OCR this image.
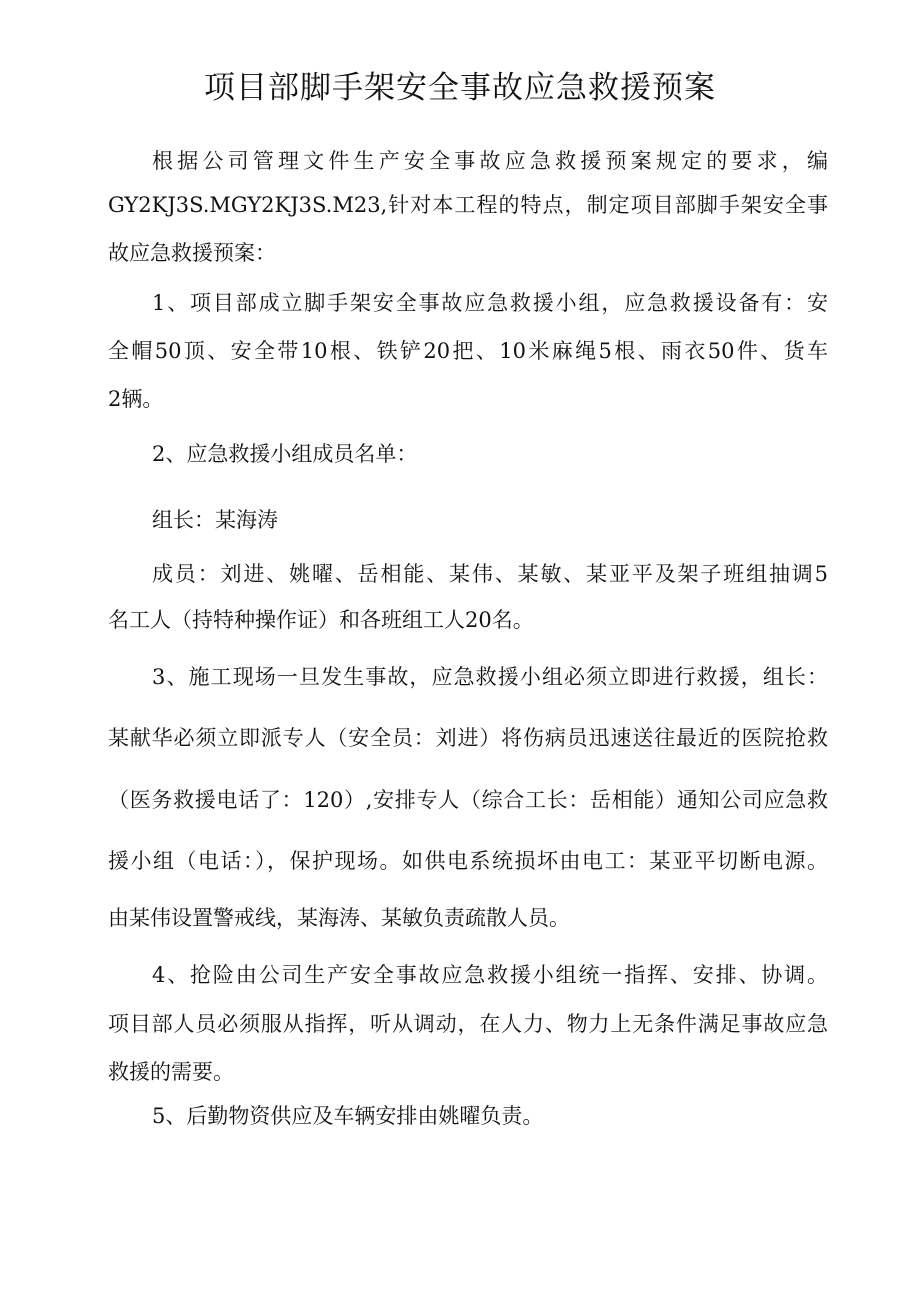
项目部脚手架安全事故应急救援预案
根据公司管理文件生产安全事故应急救援预案规定的要求，编
GY2KJ3S.MGY2KJ3S.M23,针对本工程的特点，制定项目部脚手架安全事
故应急救援预案：
1、项目部成立脚手架安全事故应急救援小组，应急救援设备有：安
全帽50顶、安全带10根、铁铲20把、10米麻绳5根、雨衣50件、货车
2辆。
2、应急救援小组成员名单：
组长：某海涛
成员：刘进、姚曜、岳相能、某伟、某敏、某亚平及架子班组抽调5
名工人（持特种操作证）和各班组工人20名。
3、施工现场一旦发生事故，应急救援小组必须立即进行救援，组长：
某献华必须立即派专人（安全员：刘进）将伤病员迅速送往最近的医院抢救
（医务救援电话了：120）,安排专人（综合工长：岳相能）通知公司应急救
援小组（电话：），保护现场。如供电系统损坏由电工：某亚平切断电源。
由某伟设置警戒线，某海涛、某敏负责疏散人员。
4、抢险由公司生产安全事故应急救援小组统一指挥、安排、协调。
项目部人员必须服从指挥，听从调动，在人力、物力上无条件满足事故应急
救援的需要。
5、后勤物资供应及车辆安排由姚曜负责。
